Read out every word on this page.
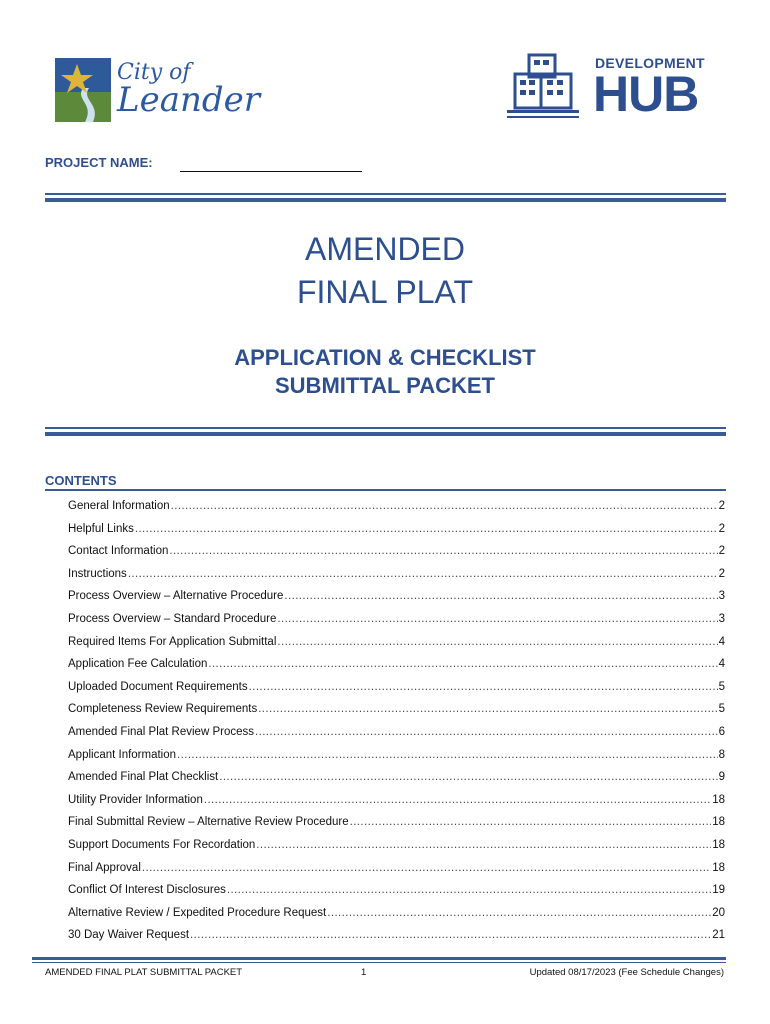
City of
Leander
DEVELOPMENT
HUB
PROJECT NAME:
AMENDED
FINAL PLAT
APPLICATION & CHECKLIST
SUBMITTAL PACKET
CONTENTS
General Information .....	2
Helpful Links .....	2
Contact Information .....	2
Instructions .....	2
Process Overview – Alternative Procedure .....	3
Process Overview – Standard Procedure .....	3
Required Items For Application Submittal .....	4
Application Fee Calculation .....	4
Uploaded Document Requirements .....	5
Completeness Review Requirements .....	5
Amended Final Plat Review Process .....	6
Applicant Information .....	8
Amended Final Plat Checklist .....	9
Utility Provider Information .....	18
Final Submittal Review – Alternative Review Procedure .....	18
Support Documents For Recordation .....	18
Final Approval .....	18
Conflict Of Interest Disclosures .....	19
Alternative Review / Expedited Procedure Request .....	20
30 Day Waiver Request .....	21
AMENDED FINAL PLAT SUBMITTAL PACKET	1	Updated 08/17/2023 (Fee Schedule Changes)
